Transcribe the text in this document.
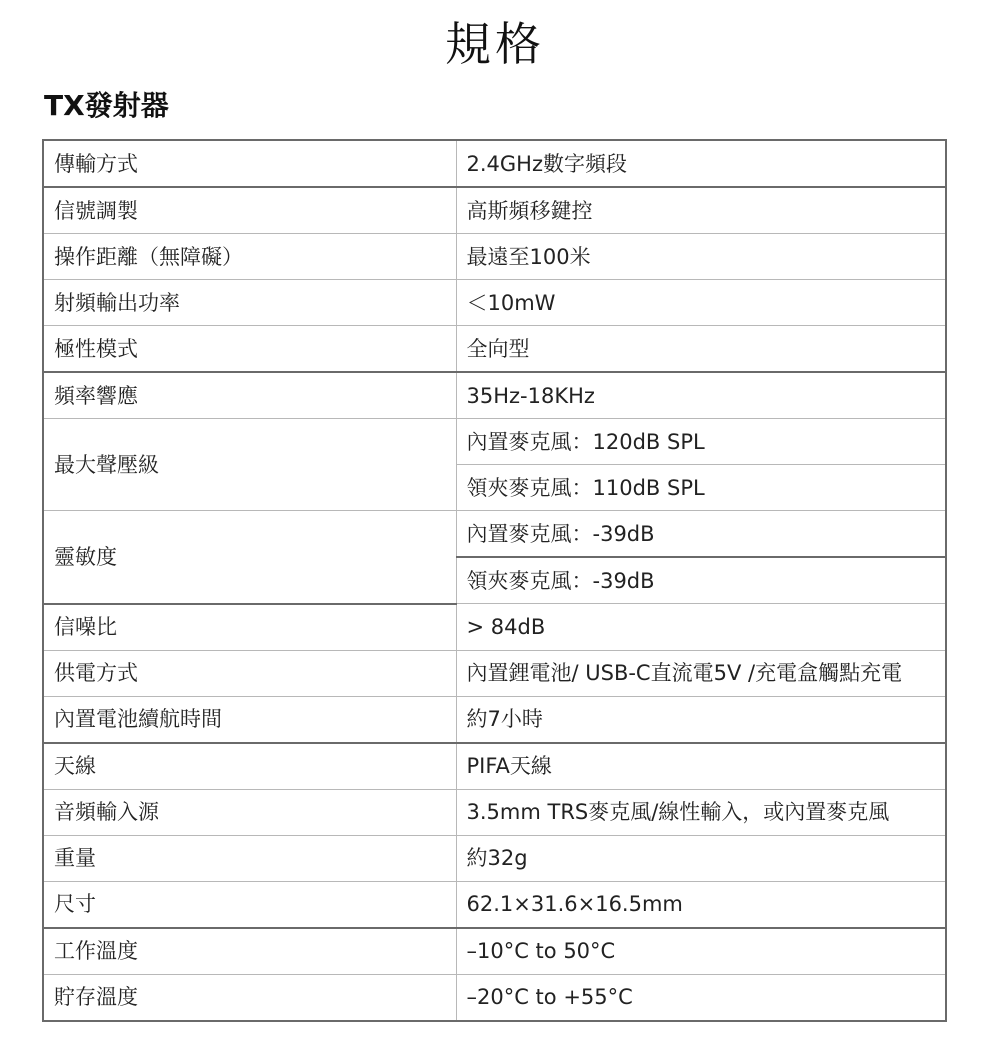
規格
TX發射器
傳輸方式	2.4GHz數字頻段
信號調製	高斯頻移鍵控
操作距離（無障礙）	最遠至100米
射頻輸出功率	＜10mW
極性模式	全向型
頻率響應	35Hz-18KHz
最大聲壓級	內置麥克風：120dB SPL
	領夾麥克風：110dB SPL
靈敏度	內置麥克風：-39dB
	領夾麥克風：-39dB
信噪比	> 84dB
供電方式	內置鋰電池/ USB-C直流電5V /充電盒觸點充電
內置電池續航時間	約7小時
天線	PIFA天線
音頻輸入源	3.5mm TRS麥克風/線性輸入，或內置麥克風
重量	約32g
尺寸	62.1×31.6×16.5mm
工作溫度	–10°C to 50°C
貯存溫度	–20°C to +55°C
